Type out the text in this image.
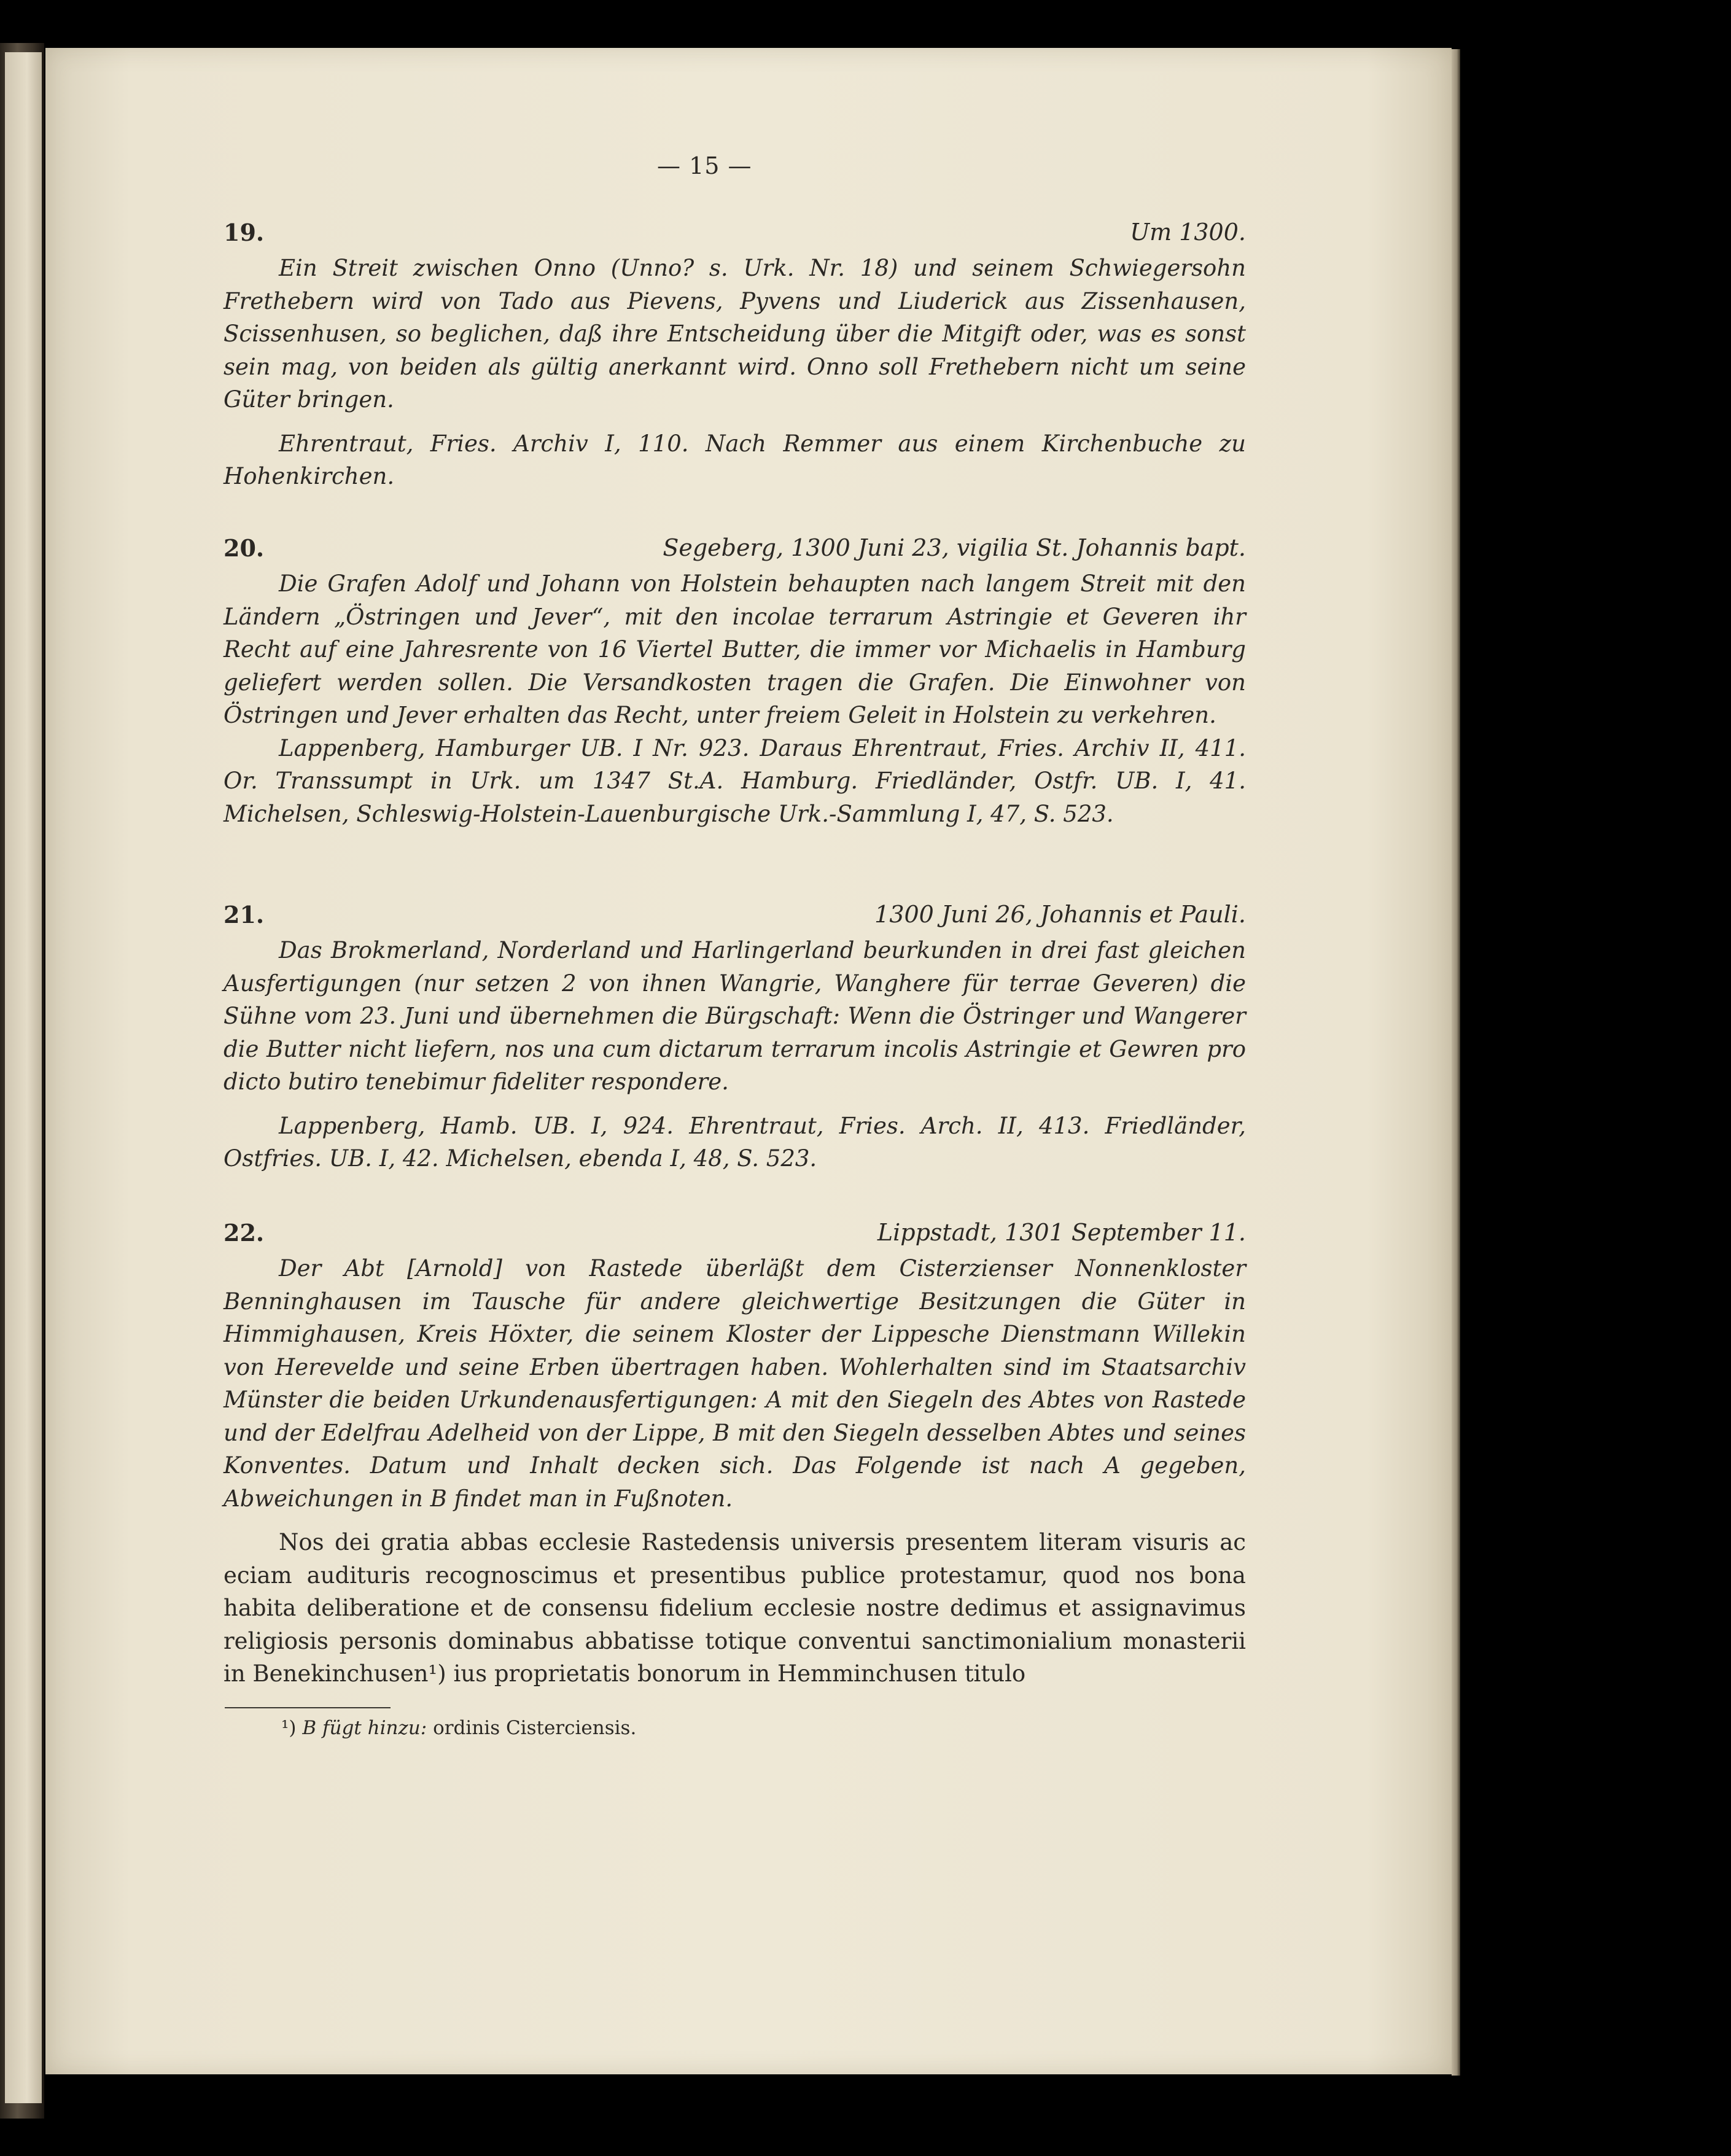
— 15 —
19.	Um 1300.

Ein Streit zwischen Onno (Unno? s. Urk. Nr. 18) und seinem Schwiegersohn Frethebern wird von Tado aus Pievens, Pyvens und Liuderick aus Zissenhausen, Scissenhusen, so beglichen, daß ihre Entscheidung über die Mitgift oder, was es sonst sein mag, von beiden als gültig anerkannt wird. Onno soll Frethebern nicht um seine Güter bringen.

Ehrentraut, Fries. Archiv I, 110. Nach Remmer aus einem Kirchenbuche zu Hohenkirchen.

20.	Segeberg, 1300 Juni 23, vigilia St. Johannis bapt.

Die Grafen Adolf und Johann von Holstein behaupten nach langem Streit mit den Ländern „Östringen und Jever“, mit den incolae terrarum Astringie et Geveren ihr Recht auf eine Jahresrente von 16 Viertel Butter, die immer vor Michaelis in Hamburg geliefert werden sollen. Die Versandkosten tragen die Grafen. Die Einwohner von Östringen und Jever erhalten das Recht, unter freiem Geleit in Holstein zu verkehren.

Lappenberg, Hamburger UB. I Nr. 923. Daraus Ehrentraut, Fries. Archiv II, 411. Or. Transsumpt in Urk. um 1347 St.A. Hamburg. Friedländer, Ostfr. UB. I, 41. Michelsen, Schleswig-Holstein-Lauenburgische Urk.-Sammlung I, 47, S. 523.

21.	1300 Juni 26, Johannis et Pauli.

Das Brokmerland, Norderland und Harlingerland beurkunden in drei fast gleichen Ausfertigungen (nur setzen 2 von ihnen Wangrie, Wanghere für terrae Geveren) die Sühne vom 23. Juni und übernehmen die Bürgschaft: Wenn die Östringer und Wangerer die Butter nicht liefern, nos una cum dictarum terrarum incolis Astringie et Gewren pro dicto butiro tenebimur fideliter respondere.

Lappenberg, Hamb. UB. I, 924. Ehrentraut, Fries. Arch. II, 413. Friedländer, Ostfries. UB. I, 42. Michelsen, ebenda I, 48, S. 523.

22.	Lippstadt, 1301 September 11.

Der Abt [Arnold] von Rastede überläßt dem Cisterzienser Nonnenkloster Benninghausen im Tausche für andere gleichwertige Besitzungen die Güter in Himmighausen, Kreis Höxter, die seinem Kloster der Lippesche Dienstmann Willekin von Herevelde und seine Erben übertragen haben. Wohlerhalten sind im Staatsarchiv Münster die beiden Urkundenausfertigungen: A mit den Siegeln des Abtes von Rastede und der Edelfrau Adelheid von der Lippe, B mit den Siegeln desselben Abtes und seines Konventes. Datum und Inhalt decken sich. Das Folgende ist nach A gegeben, Abweichungen in B findet man in Fußnoten.

Nos dei gratia abbas ecclesie Rastedensis universis presentem literam visuris ac eciam audituris recognoscimus et presentibus publice protestamur, quod nos bona habita deliberatione et de consensu fidelium ecclesie nostre dedimus et assignavimus religiosis personis dominabus abbatisse totique conventui sanctimonialium monasterii in Benekinchusen¹) ius proprietatis bonorum in Hemminchusen titulo

¹) B fügt hinzu: ordinis Cisterciensis.
